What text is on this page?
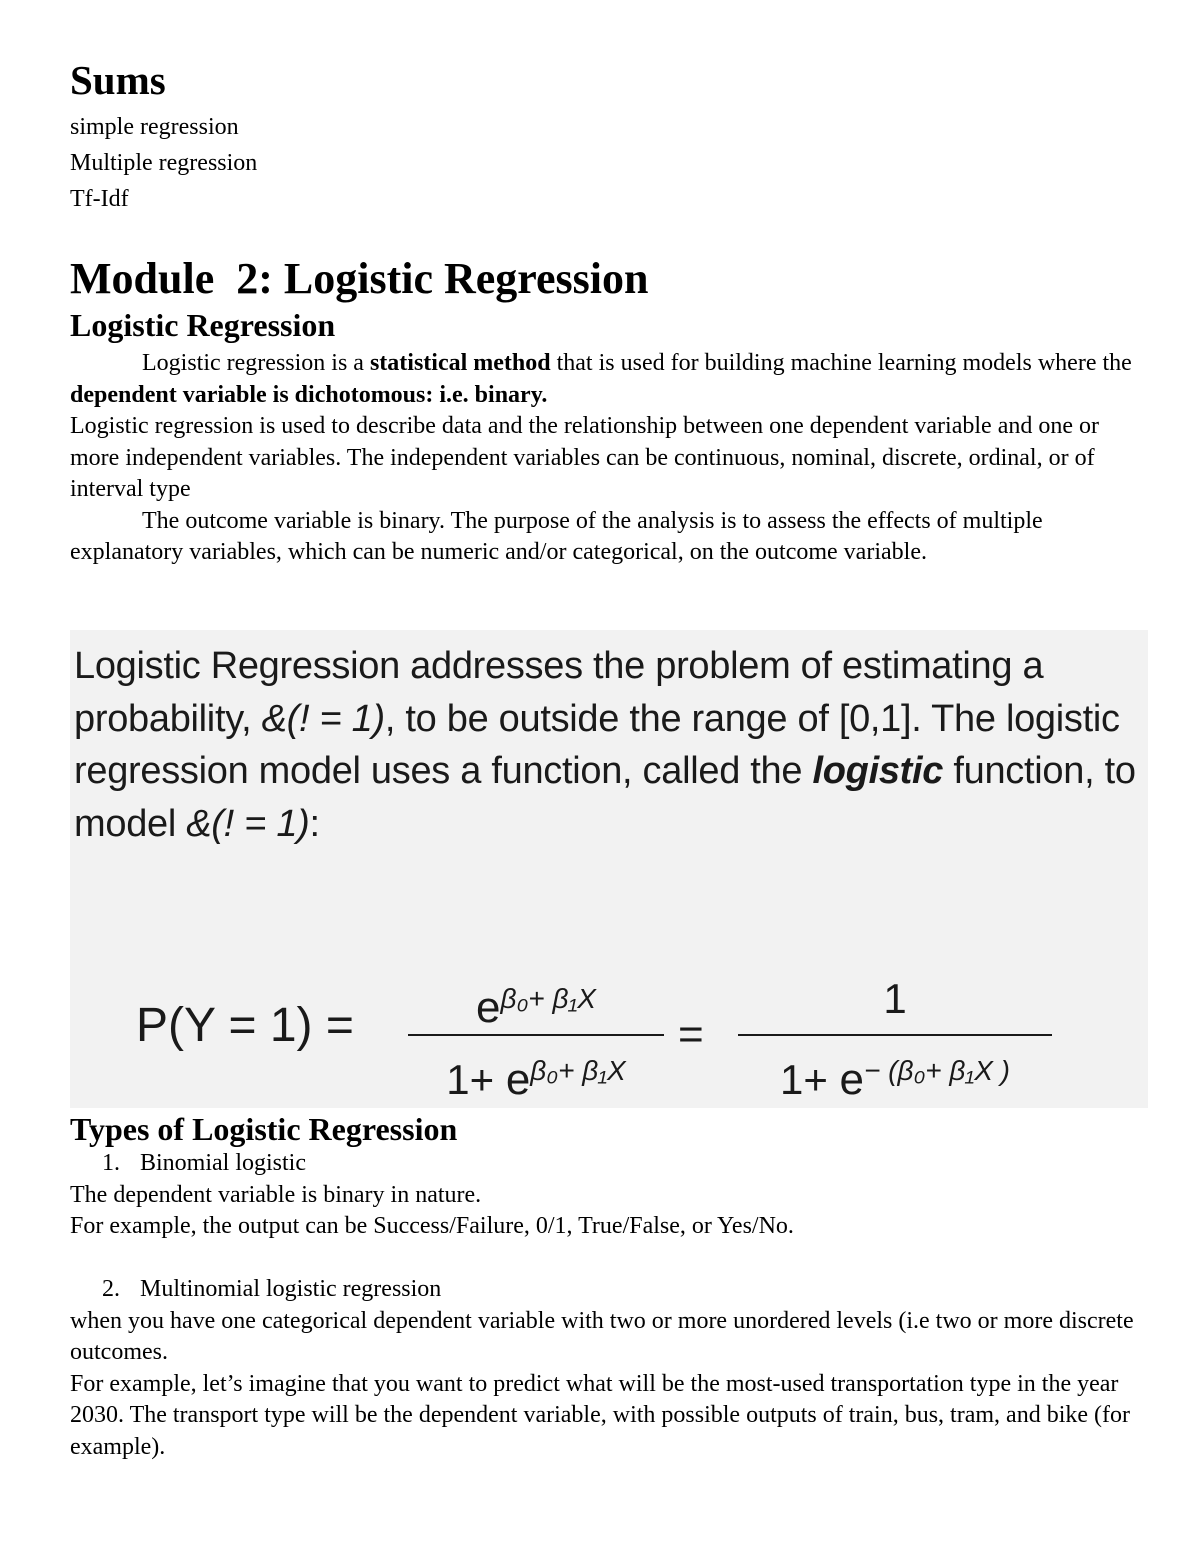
Sums
simple regression
Multiple regression
Tf-Idf
Module  2: Logistic Regression
Logistic Regression

Logistic regression is a statistical method that is used for building machine learning models where the dependent variable is dichotomous: i.e. binary.

Logistic regression is used to describe data and the relationship between one dependent variable and one or more independent variables. The independent variables can be continuous, nominal, discrete, ordinal, or of interval type

The outcome variable is binary. The purpose of the analysis is to assess the effects of multiple explanatory variables, which can be numeric and/or categorical, on the outcome variable.

Logistic Regression addresses the problem of estimating a

probability, &(! = 1), to be outside the range of [0,1]. The logistic

regression model uses a function, called the logistic function, to

model &(! = 1):

P(Y = 1) =	$e^{\beta_0+ \beta_1X}$
$1+ e^{\beta_0+ \beta_1X}$
=
1
$1+ e^{- (\beta_0+ \beta_1X )}$
Types of Logistic Regression

1. Binomial logistic

The dependent variable is binary in nature.

For example, the output can be Success/Failure, 0/1, True/False, or Yes/No.

2. Multinomial logistic regression

when you have one categorical dependent variable with two or more unordered levels (i.e two or more discrete outcomes.

For example, let’s imagine that you want to predict what will be the most-used transportation type in the year 2030. The transport type will be the dependent variable, with possible outputs of train, bus, tram, and bike (for example).
